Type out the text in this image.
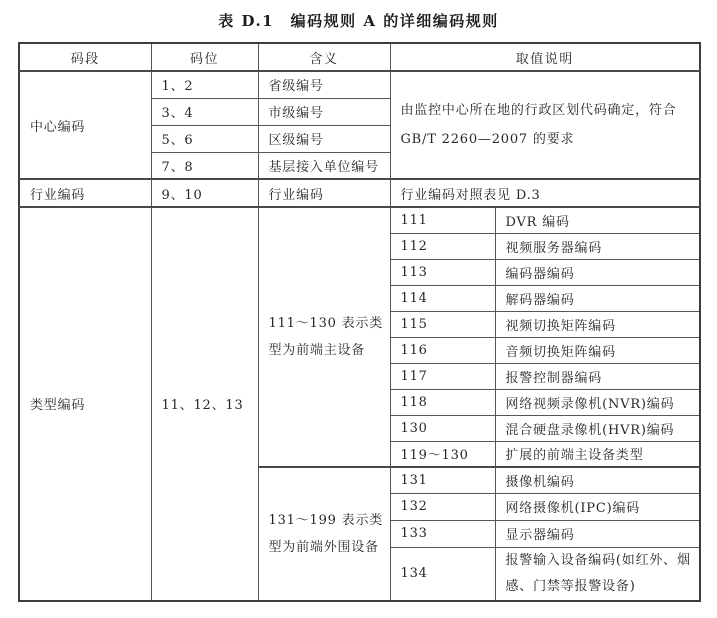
表 D.1　编码规则 A 的详细编码规则
码段	码位	含义	取值说明	
中心编码	1、2	省级编号	由监控中心所在地的行政区划代码确定，符合 GB/T 2260—2007 的要求	
	3、4	市级编号		
	5、6	区级编号		
	7、8	基层接入单位编号		
行业编码	9、10	行业编码	行业编码对照表见 D.3	
类型编码	11、12、13	111～130 表示类型为前端主设备	111	DVR 编码
			112	视频服务器编码
			113	编码器编码
			114	解码器编码
			115	视频切换矩阵编码
			116	音频切换矩阵编码
			117	报警控制器编码
			118	网络视频录像机(NVR)编码
			130	混合硬盘录像机(HVR)编码
			119～130	扩展的前端主设备类型
		131～199 表示类型为前端外围设备	131	摄像机编码
			132	网络摄像机(IPC)编码
			133	显示器编码
			134	报警输入设备编码(如红外、烟感、门禁等报警设备)
